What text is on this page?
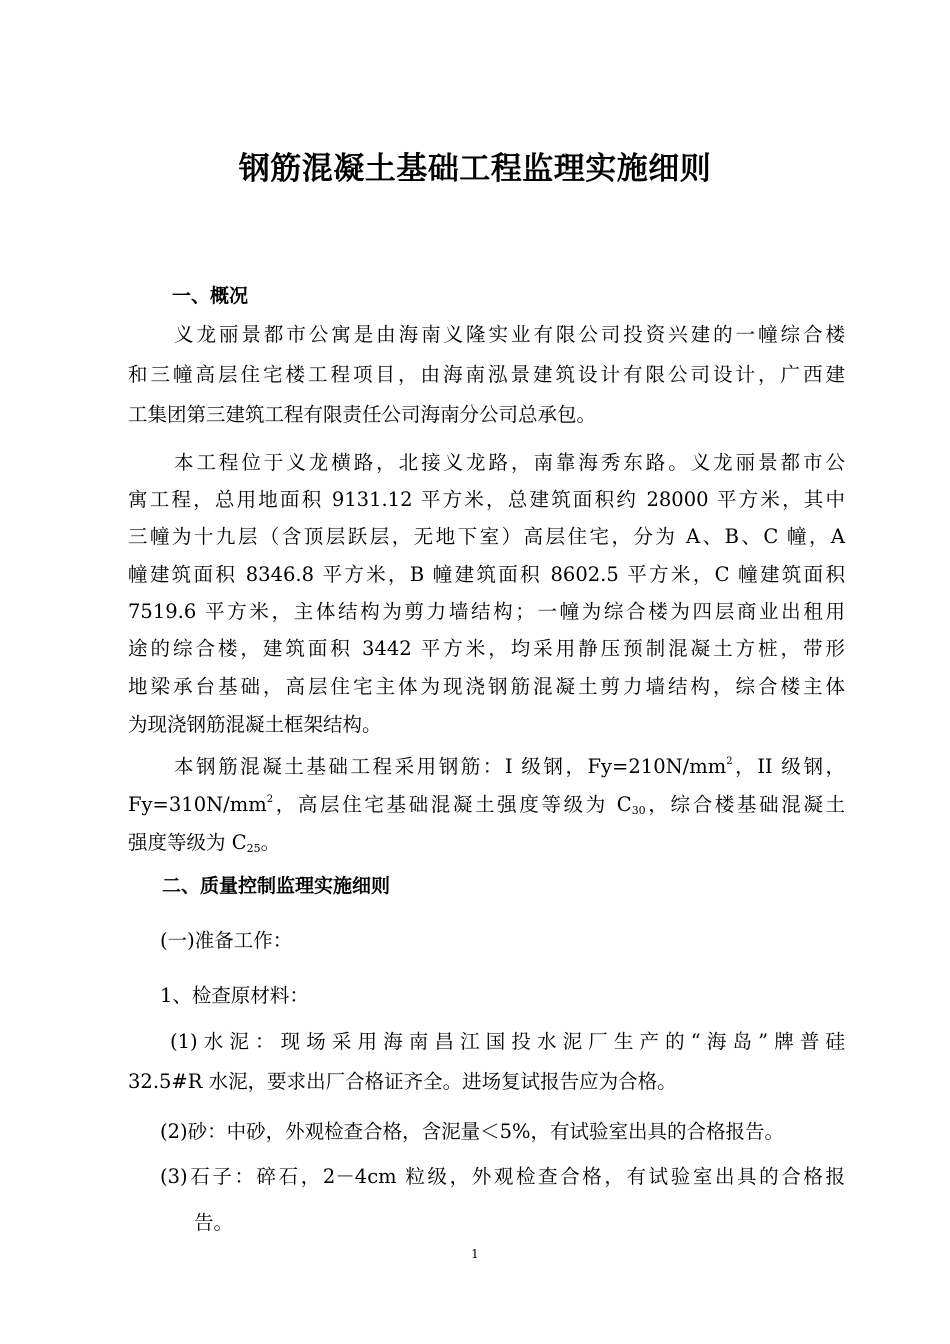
钢筋混凝土基础工程监理实施细则
一、概况
义龙丽景都市公寓是由海南义隆实业有限公司投资兴建的一幢综合楼
和三幢高层住宅楼工程项目，由海南泓景建筑设计有限公司设计，广西建
工集团第三建筑工程有限责任公司海南分公司总承包。
本工程位于义龙横路，北接义龙路，南靠海秀东路。义龙丽景都市公
寓工程，总用地面积 9131.12 平方米，总建筑面积约 28000 平方米，其中
三幢为十九层（含顶层跃层，无地下室）高层住宅，分为 A、B、C 幢，A
幢建筑面积 8346.8 平方米，B 幢建筑面积 8602.5 平方米，C 幢建筑面积
7519.6 平方米，主体结构为剪力墙结构；一幢为综合楼为四层商业出租用
途的综合楼，建筑面积 3442 平方米，均采用静压预制混凝土方桩，带形
地梁承台基础，高层住宅主体为现浇钢筋混凝土剪力墙结构，综合楼主体
为现浇钢筋混凝土框架结构。
本钢筋混凝土基础工程采用钢筋：I 级钢，$Fy=210N/mm^2$，II 级钢，
$Fy=310N/mm^2$，高层住宅基础混凝土强度等级为 $C_{30}$，综合楼基础混凝土
强度等级为 $C_{25}$。
二、质量控制监理实施细则
(一)准备工作：
1、检查原材料：
(1)水泥：现场采用海南昌江国投水泥厂生产的“海岛”牌普硅
32.5#R 水泥，要求出厂合格证齐全。进场复试报告应为合格。
(2)砂：中砂，外观检查合格，含泥量＜5%，有试验室出具的合格报告。
(3)石子：碎石，2－4cm 粒级，外观检查合格，有试验室出具的合格报
告。
1
